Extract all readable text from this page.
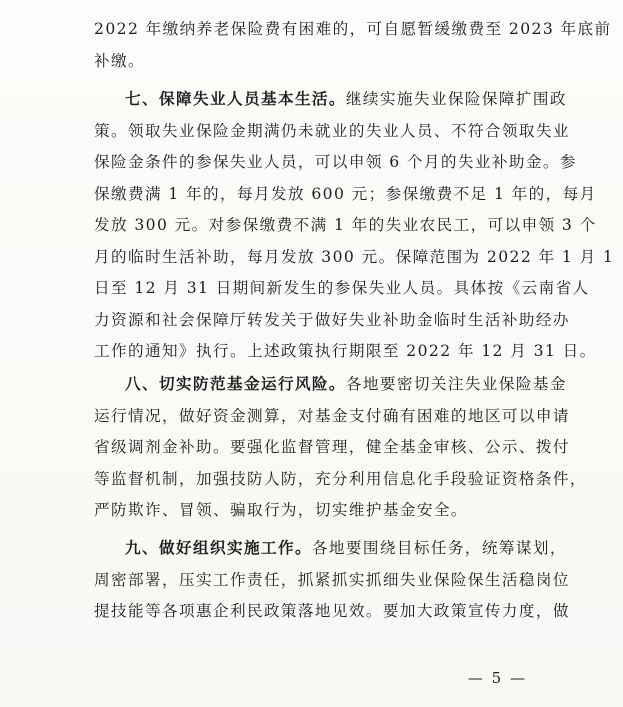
2022 年缴纳养老保险费有困难的，可自愿暂缓缴费至 2023 年底前
补缴。
七、保障失业人员基本生活。继续实施失业保险保障扩围政
策。领取失业保险金期满仍未就业的失业人员、不符合领取失业
保险金条件的参保失业人员，可以申领 6 个月的失业补助金。参
保缴费满 1 年的，每月发放 600 元；参保缴费不足 1 年的，每月
发放 300 元。对参保缴费不满 1 年的失业农民工，可以申领 3 个
月的临时生活补助，每月发放 300 元。保障范围为 2022 年 1 月 1
日至 12 月 31 日期间新发生的参保失业人员。具体按《云南省人
力资源和社会保障厅转发关于做好失业补助金临时生活补助经办
工作的通知》执行。上述政策执行期限至 2022 年 12 月 31 日。
八、切实防范基金运行风险。各地要密切关注失业保险基金
运行情况，做好资金测算，对基金支付确有困难的地区可以申请
省级调剂金补助。要强化监督管理，健全基金审核、公示、拨付
等监督机制，加强技防人防，充分利用信息化手段验证资格条件，
严防欺诈、冒领、骗取行为，切实维护基金安全。
九、做好组织实施工作。各地要围绕目标任务，统筹谋划，
周密部署，压实工作责任，抓紧抓实抓细失业保险保生活稳岗位
提技能等各项惠企利民政策落地见效。要加大政策宣传力度，做
— 5 —
